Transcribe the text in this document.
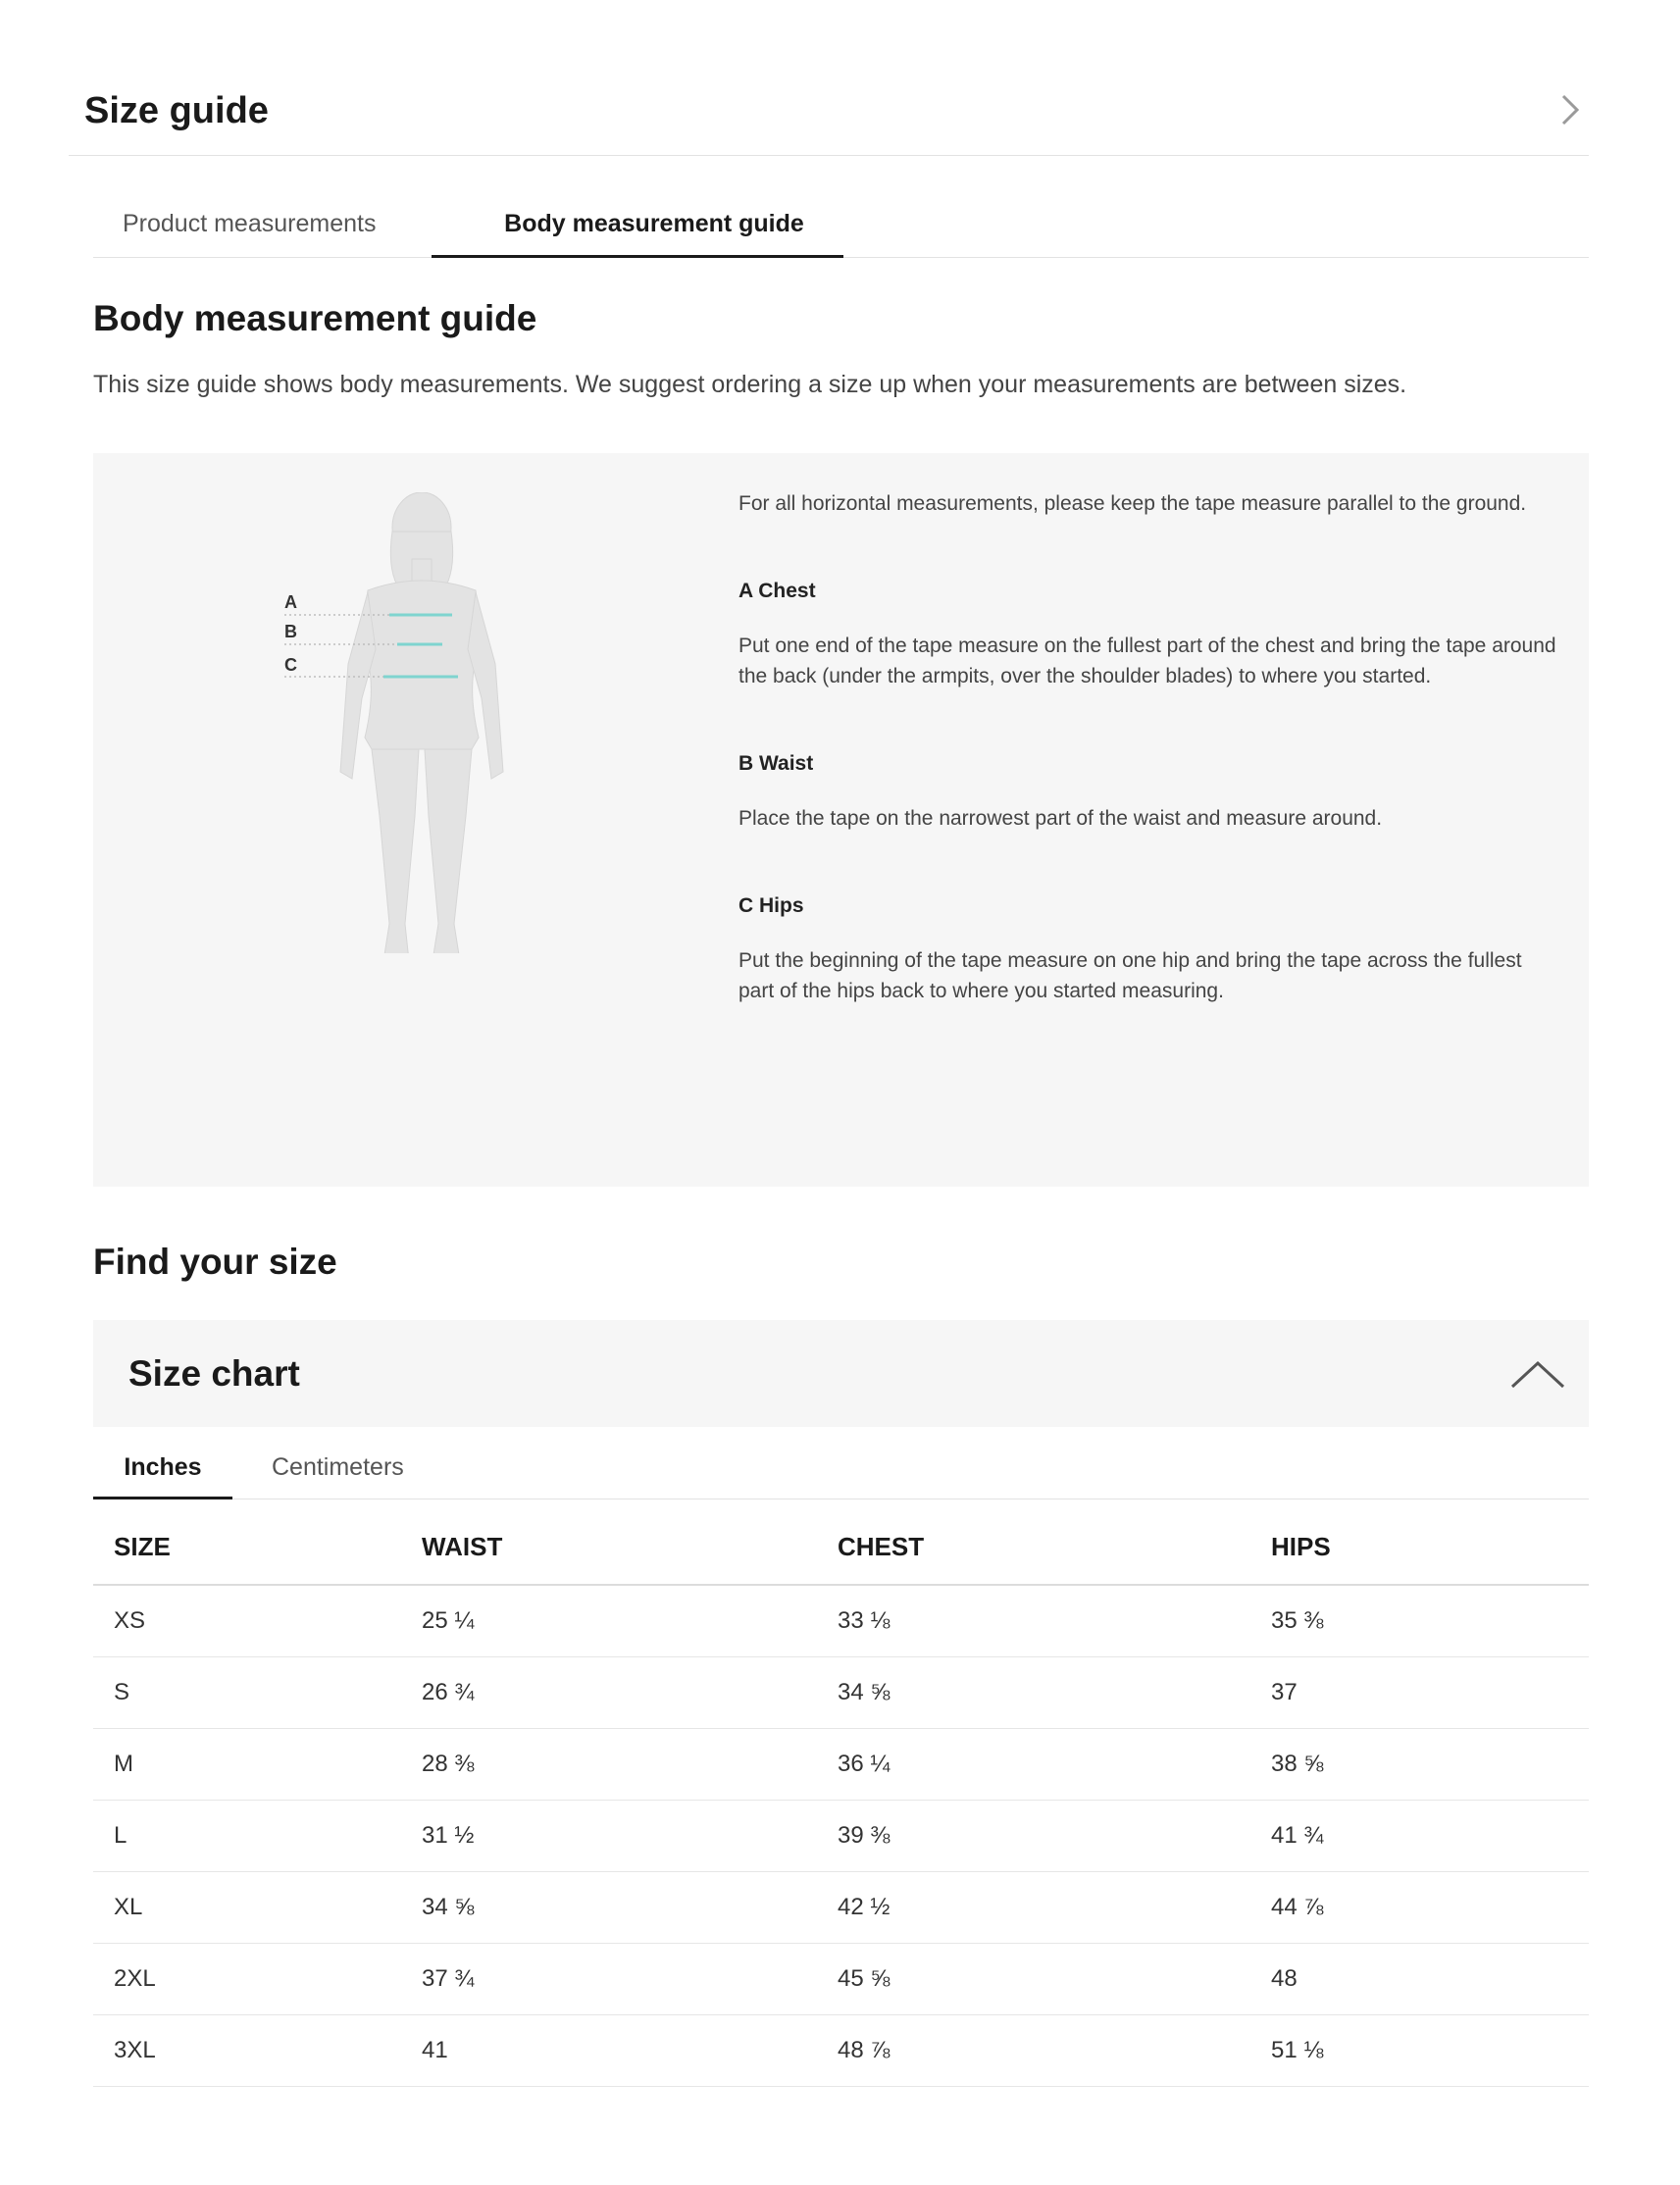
Size guide
Product measurements	Body measurement guide
Body measurement guide
This size guide shows body measurements. We suggest ordering a size up when your measurements are between sizes.
A
B
C

For all horizontal measurements, please keep the tape measure parallel to the ground.

A Chest

Put one end of the tape measure on the fullest part of the chest and bring the tape around the back (under the armpits, over the shoulder blades) to where you started.

B Waist

Place the tape on the narrowest part of the waist and measure around.

C Hips

Put the beginning of the tape measure on one hip and bring the tape across the fullest part of the hips back to where you started measuring.

Find your size
Size chart
Inches	Centimeters
SIZE	WAIST	CHEST	HIPS
XS	25 ¼	33 ⅛	35 ⅜
S	26 ¾	34 ⅝	37
M	28 ⅜	36 ¼	38 ⅝
L	31 ½	39 ⅜	41 ¾
XL	34 ⅝	42 ½	44 ⅞
2XL	37 ¾	45 ⅝	48
3XL	41	48 ⅞	51 ⅛
